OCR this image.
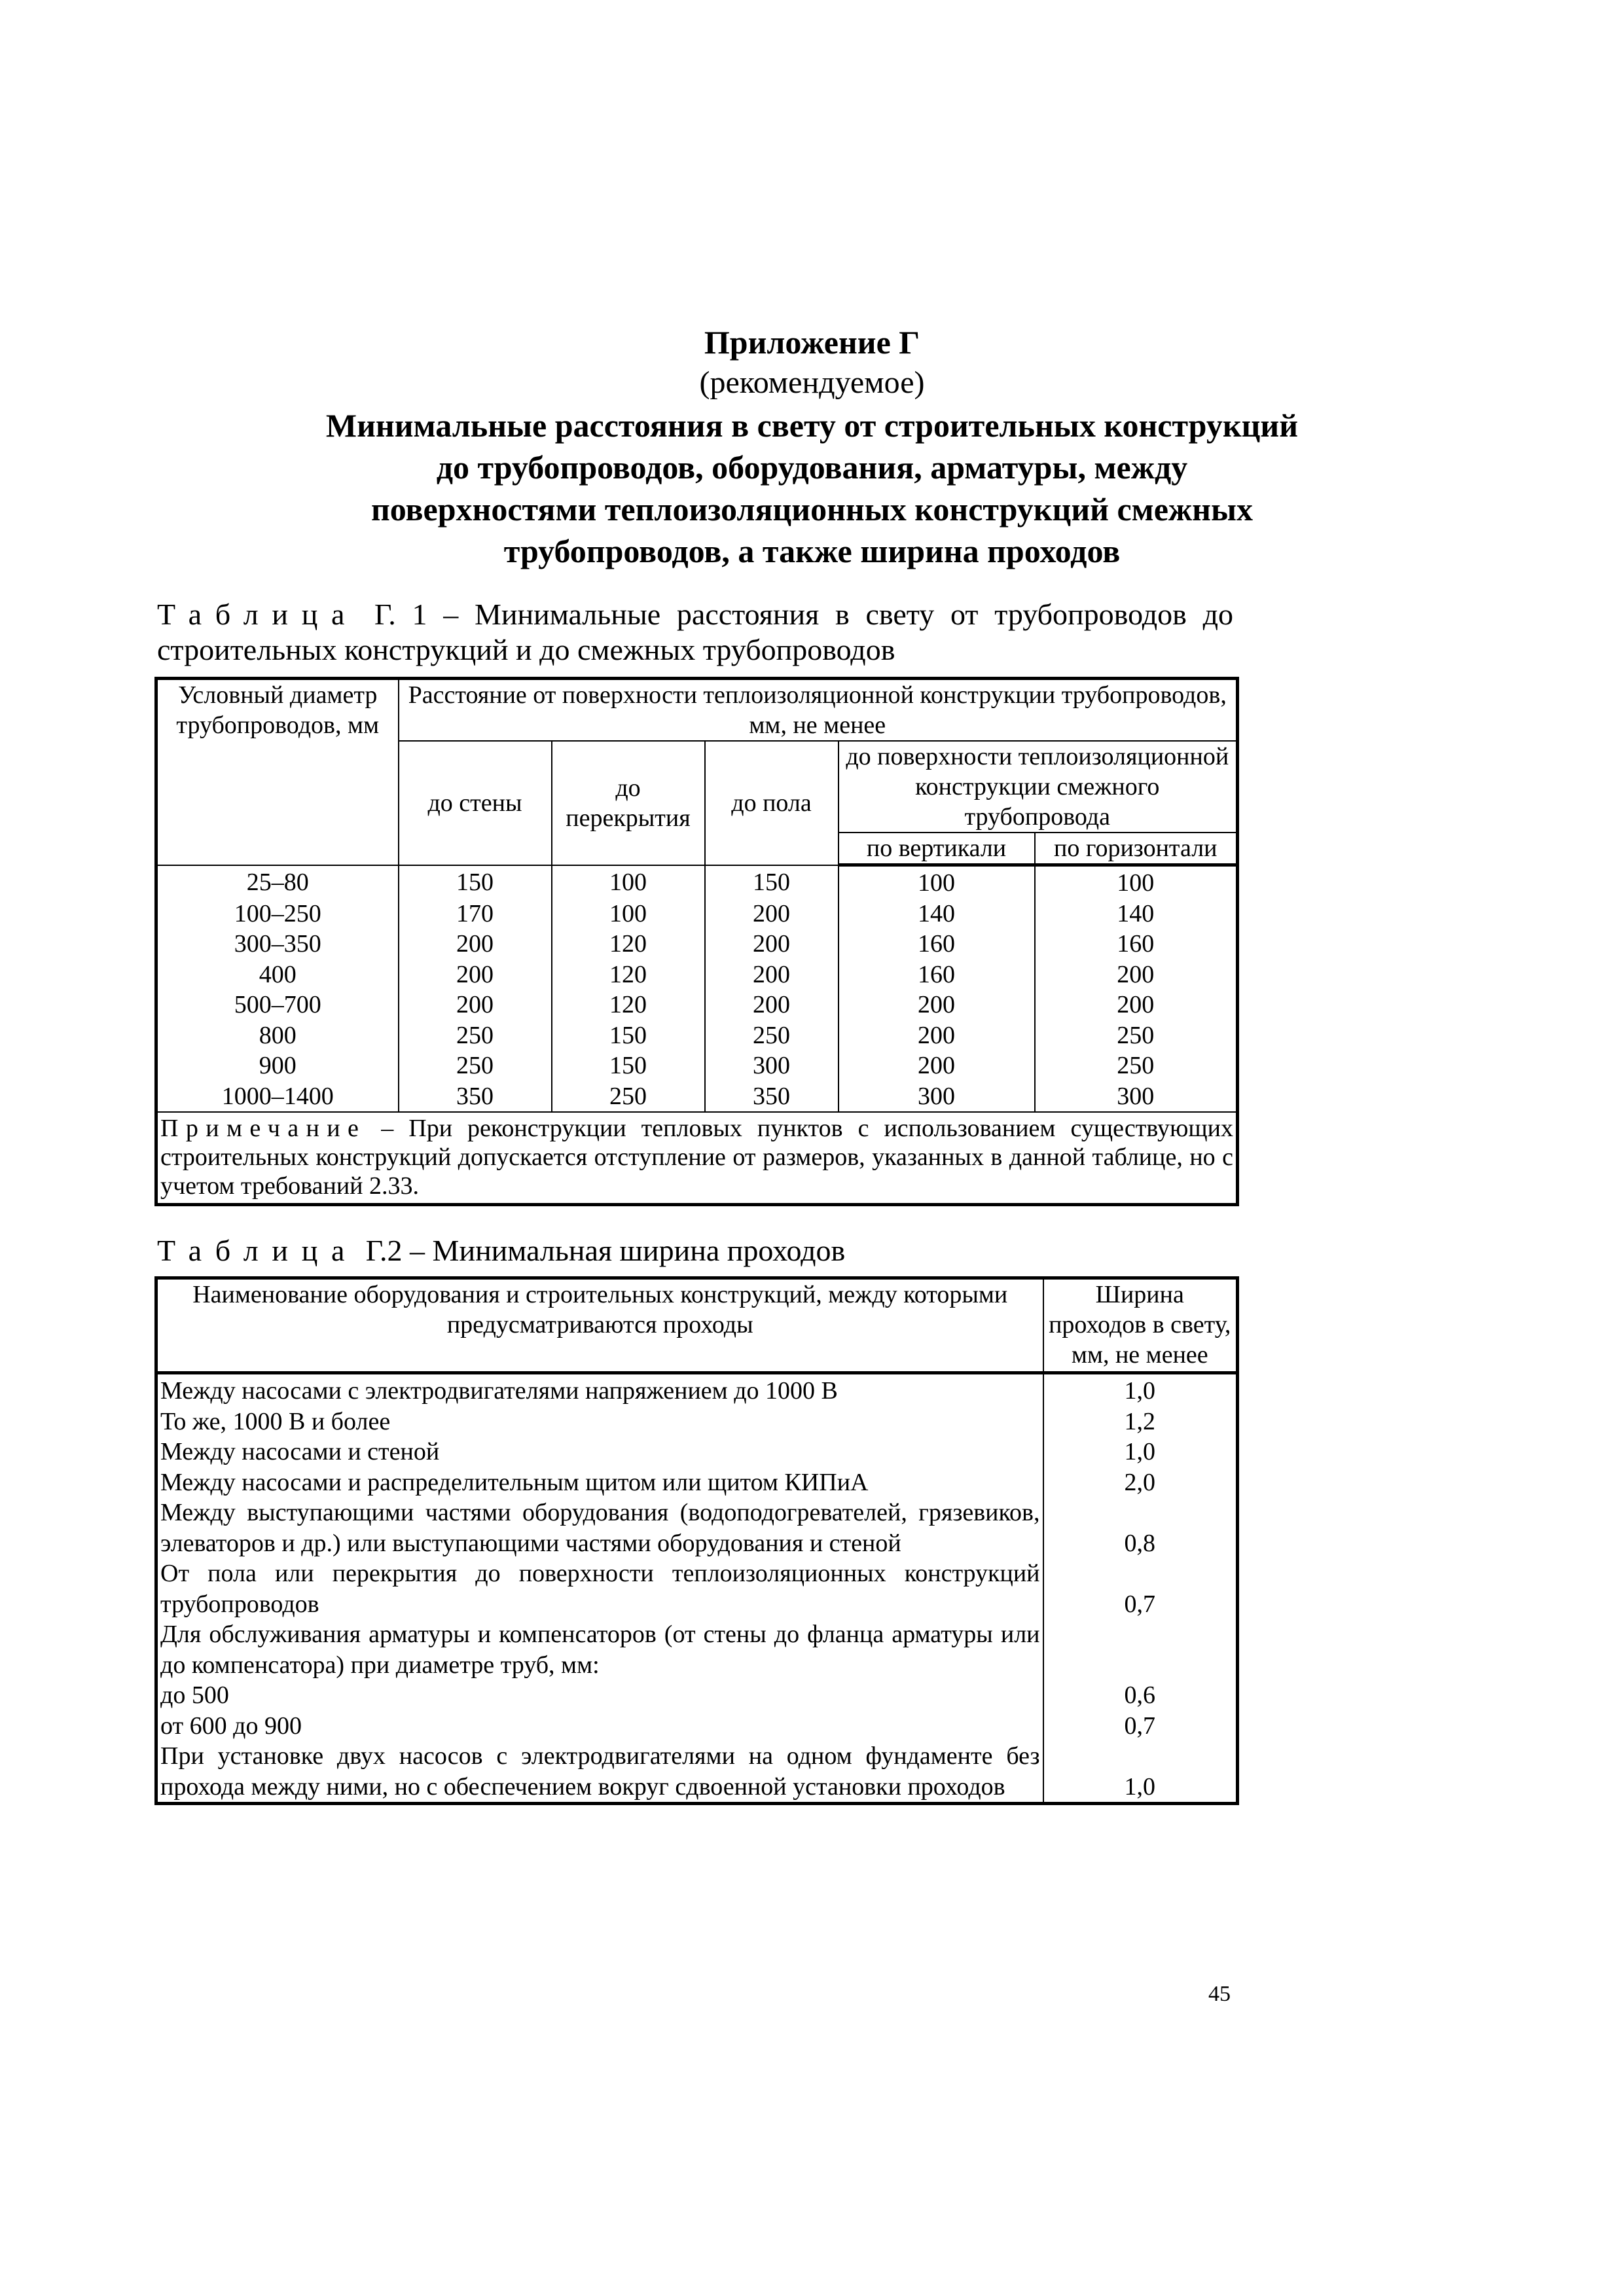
Приложение Г
(рекомендуемое)
Минимальные расстояния в свету от строительных конструкций
до трубопроводов, оборудования, арматуры, между
поверхностями теплоизоляционных конструкций смежных
трубопроводов, а также ширина проходов
Таблица Г. 1 – Минимальные расстояния в свету от трубопроводов до
строительных конструкций и до смежных трубопроводов
Условный диаметр трубопроводов, мм	Расстояние от поверхности теплоизоляционной конструкции трубопроводов, мм, не менее				
	до стены	до перекрытия	до пола	до поверхности теплоизоляционной конструкции смежного трубопровода	
				по вертикали	по горизонтали
25–80	150	100	150	100	100
100–250	170	100	200	140	140
300–350	200	120	200	160	160
400	200	120	200	160	200
500–700	200	120	200	200	200
800	250	150	250	200	250
900	250	150	300	200	250
1000–1400	350	250	350	300	300
Примечание – При реконструкции тепловых пунктов с использованием существующих строительных конструкций допускается отступление от размеров, указанных в данной таблице, но с учетом требований 2.33.					
Таблица Г.2 – Минимальная ширина проходов
Наименование оборудования и строительных конструкций, между которыми предусматриваются проходы	Ширина проходов в свету, мм, не менее
Между насосами с электродвигателями напряжением до 1000 В	1,0
То же, 1000 В и более	1,2
Между насосами и стеной	1,0
Между насосами и распределительным щитом или щитом КИПиА	2,0
Между выступающими частями оборудования (водоподогревателей, грязевиков, элеваторов и др.) или выступающими частями оборудования и стеной	0,8
От пола или перекрытия до поверхности теплоизоляционных конструкций трубопроводов	0,7
Для обслуживания арматуры и компенсаторов (от стены до фланца арматуры или до компенсатора) при диаметре труб, мм:	
до 500	0,6
от 600 до 900	0,7
При установке двух насосов с электродвигателями на одном фундаменте без прохода между ними, но с обеспечением вокруг сдвоенной установки проходов	1,0
45
